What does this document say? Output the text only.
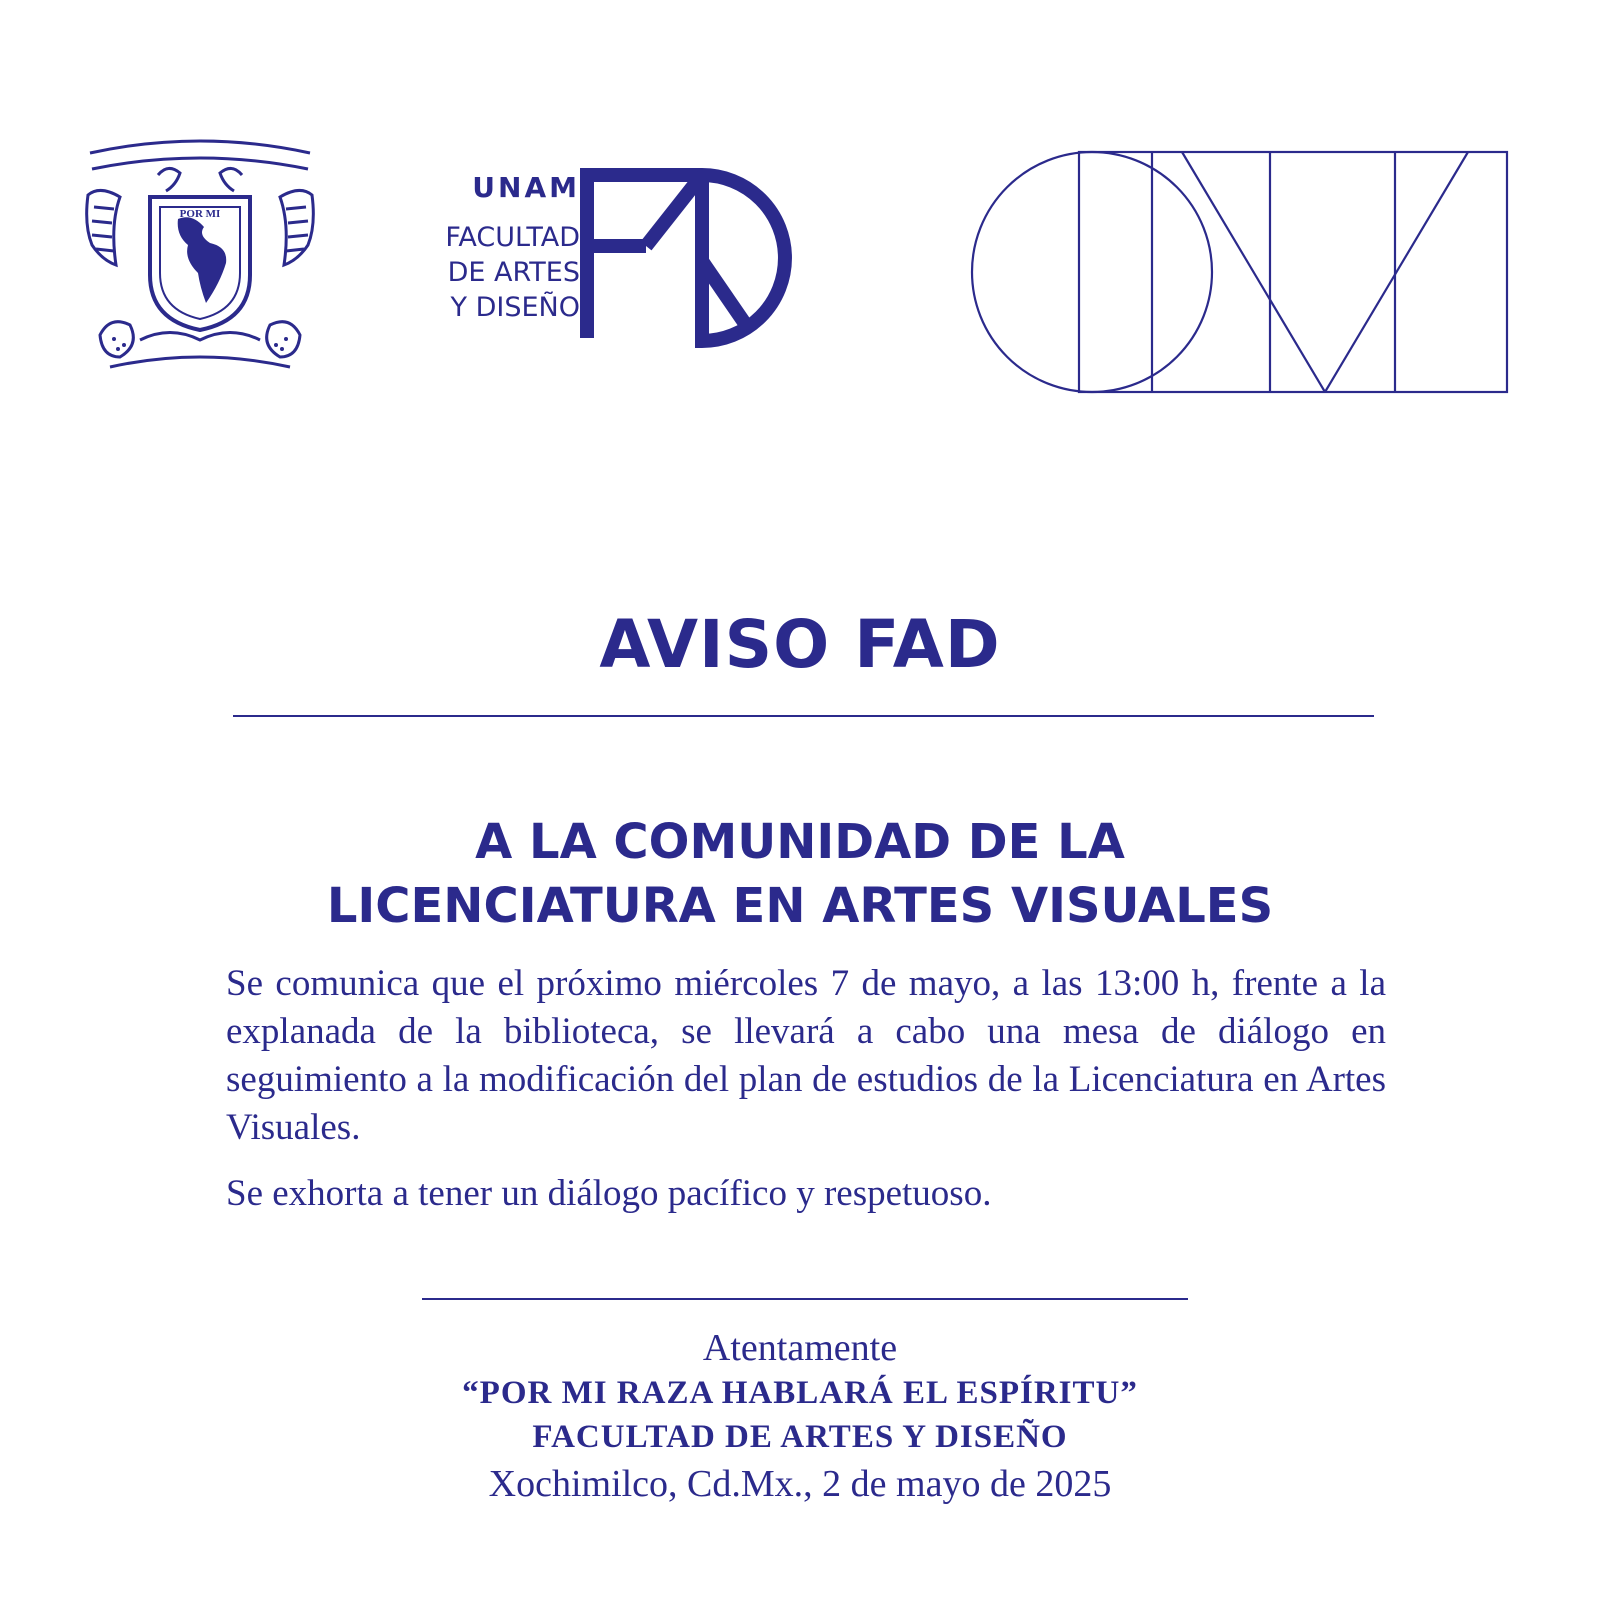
POR MI
UNAM
FACULTAD
DE ARTES
Y DISEÑO
AVISO FAD
A LA COMUNIDAD DE LA
LICENCIATURA EN ARTES VISUALES

Se comunica que el próximo miércoles 7 de mayo, a las 13:00 h, frente a la explanada de la biblioteca, se llevará a cabo una mesa de diálogo en seguimiento a la modificación del plan de estudios de la Licenciatura en Artes Visuales.

Se exhorta a tener un diálogo pacífico y respetuoso.

Atentamente
“POR MI RAZA HABLARÁ EL ESPÍRITU”
FACULTAD DE ARTES Y DISEÑO
Xochimilco, Cd.Mx., 2 de mayo de 2025
